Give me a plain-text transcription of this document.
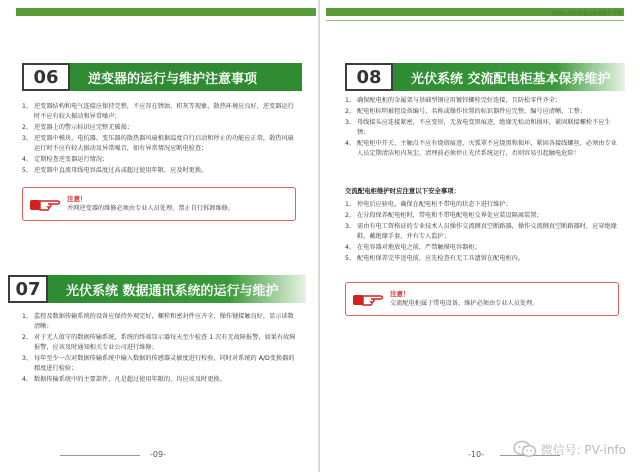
06	逆变器的运行与维护注意事项
1、 逆变器结构和电气连接应保持完整，不应存在锈蚀、积灰等现象，散热环境应良好，逆变器运行时不应有较大振动和异常噪声；
2、 逆变器上的警示标识应完整无破损；
3、 逆变器中模块、电抗器、变压器的散热器风扇根据温度自行启动和停止的功能应正常，散热风扇运行时不应有较大振动及异常噪音，如有异常情况应断电检查；
4、 定期检查逆变器运行情况；
5、 逆变器中直流母线电容温度过高或超过使用年限，应及时更换。
注意！
并网逆变器的维修必须由专业人员处理，禁止自行拆卸维修。
07	光伏系统 数据通讯系统的运行与维护
1、 监控及数据传输系统的设备应保持外观完好，螺栓和密封件应齐全，操作键接触良好，显示读数清晰；
2、 对于无人值守的数据传输系统，系统的终端显示器每天至少检查 1 次有无故障报警，如果有故障报警，应该及时通知相关专业公司进行维修；
3、 每年至少一次对数据传输系统中输入数据的传感器灵敏度进行校验，同时对系统的 A/D变换器的精度进行检验；
4、 数据传输系统中的主要部件，凡是超过使用年限的，均应该及时更换。
-09-
蓝翔公司光伏电站系统维护手册
08	光伏系统 交流配电柜基本保养维护
1、 确保配电柜的金属架与基础型钢应用镀锌螺栓完好连接，且防松零件齐全；
2、 配电柜标明被控设备编号、名称或操作位置的标识器件应完整，编号应清晰、工整；
3、 母线接头应连接紧密，不应变形，无放电变黑痕迹，绝缘无松动和损坏，紧固联接螺栓不应生锈；
4、 配电柜中开关、主触点不应有烧熔痕迹，灭弧罩不应烧黑和损坏，紧固各接线螺丝，必须由专业人员定期清洁柜内灰尘，清理前必须停止光伏系统运行，否则容易引起触电危险！
交流配电柜维护时应注意以下安全事项：
1、 停电后应验电，确保在配电柜不带电的状态下进行维护；
2、 在分段保养配电柜时，带电和不带电配电柜交界处应装设隔离装置；
3、 需由有电工资格证的专业技术人员操作交流侧真空断路器，操作交流侧真空断路器时，应穿绝缘鞋，戴绝缘手套，并有专人监护；
4、 在电容器对地放电之前，严禁触摸电容器柜；
5、 配电柜保养完毕送电前，应先检查有无工具遗留在配电柜内。
注意！
交流配电柜属于带电设备，维护必须由专业人员处理。
-10-	微信号: PV-info
